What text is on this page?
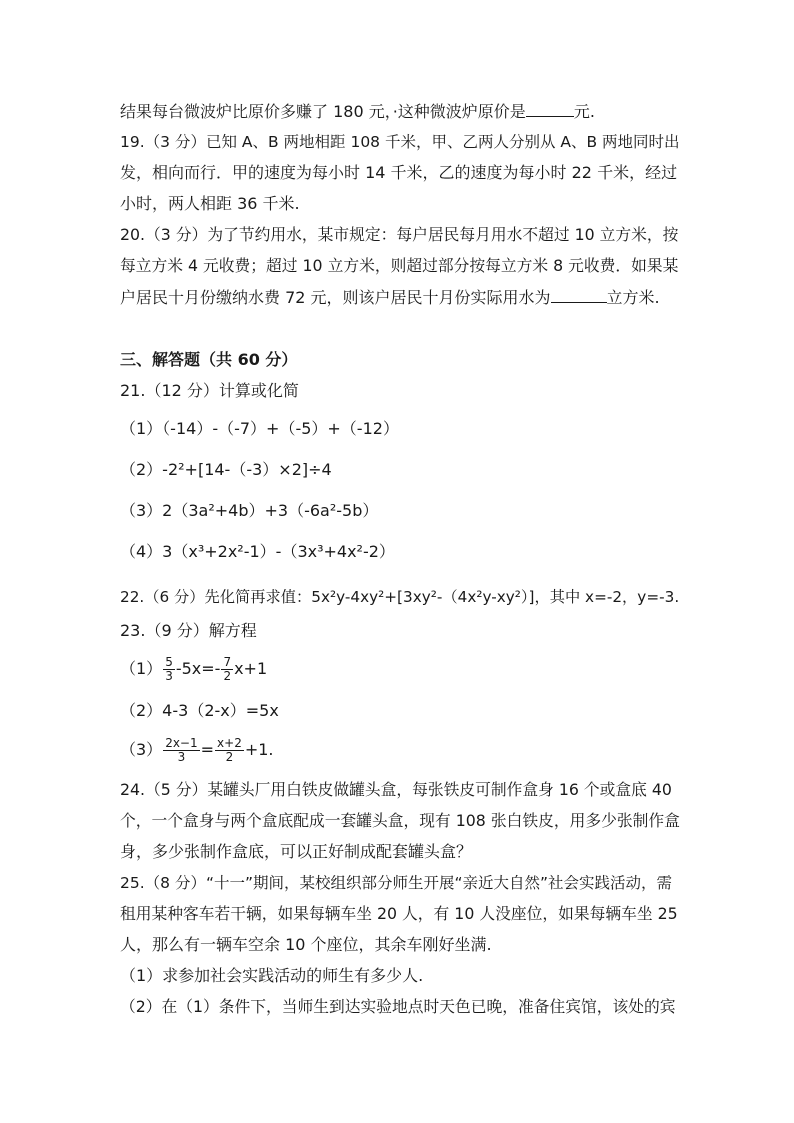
结果每台微波炉比原价多赚了 180 元，·这种微波炉原价是	元.
19.（3 分）已知 A、B 两地相距 108 千米，甲、乙两人分别从 A、B 两地同时出
发，相向而行．甲的速度为每小时 14 千米，乙的速度为每小时 22 千米，经过
小时，两人相距 36 千米.
20.（3 分）为了节约用水，某市规定：每户居民每月用水不超过 10 立方米，按
每立方米 4 元收费；超过 10 立方米，则超过部分按每立方米 8 元收费．如果某
户居民十月份缴纳水费 72 元，则该户居民十月份实际用水为	立方米.
三、解答题（共 60 分）
21.（12 分）计算或化简
（1）（-14）-（-7）+（-5）+（-12）
（2）-2²+[14-（-3）×2]÷4
（3）2（3a²+4b）+3（-6a²-5b）
（4）3（x³+2x²-1）-（3x³+4x²-2）
22.（6 分）先化简再求值：5x²y-4xy²+[3xy²-（4x²y-xy²）]，其中 x=-2，y=-3.
23.（9 分）解方程
$(1) \frac{5}{3} -5x=- \frac{7}{2} x+1$
（2）4-3（2-x）=5x
$(3) \frac{2x-1}{3} = \frac{x+2}{2} +1$.
24.（5 分）某罐头厂用白铁皮做罐头盒，每张铁皮可制作盒身 16 个或盒底 40
个，一个盒身与两个盒底配成一套罐头盒，现有 108 张白铁皮，用多少张制作盒
身，多少张制作盒底，可以正好制成配套罐头盒？
25.（8 分）“十一”期间，某校组织部分师生开展“亲近大自然”社会实践活动，需
租用某种客车若干辆，如果每辆车坐 20 人，有 10 人没座位，如果每辆车坐 25
人，那么有一辆车空余 10 个座位，其余车刚好坐满.
（1）求参加社会实践活动的师生有多少人.
（2）在（1）条件下，当师生到达实验地点时天色已晚，准备住宾馆，该处的宾
